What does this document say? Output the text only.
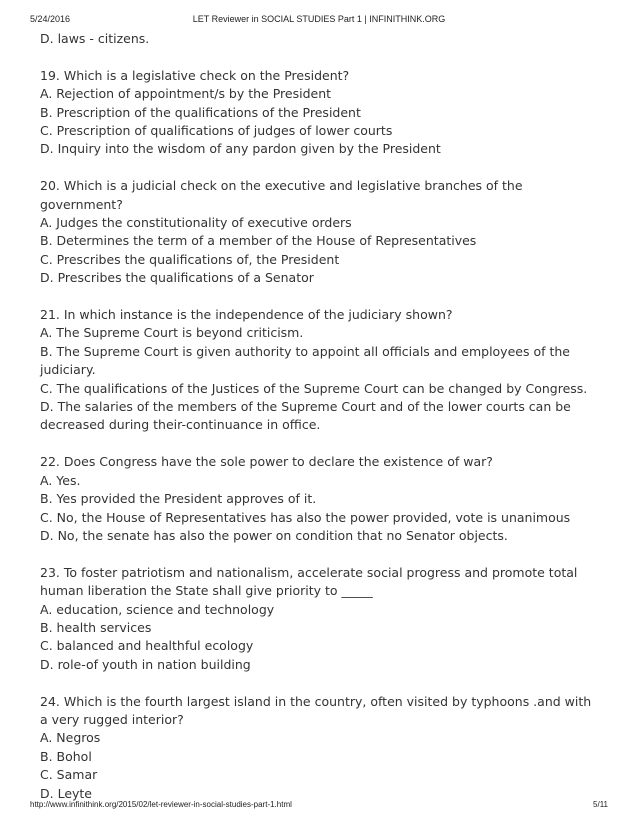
5/24/2016	LET Reviewer in SOCIAL STUDIES Part 1 | INFINITHINK.ORG
D. laws - citizens.
19. Which is a legislative check on the President?
A. Rejection of appointment/s by the President
B. Prescription of the qualifications of the President
C. Prescription of qualifications of judges of lower courts
D. Inquiry into the wisdom of any pardon given by the President
20. Which is a judicial check on the executive and legislative branches of the government?
A. Judges the constitutionality of executive orders
B. Determines the term of a member of the House of Representatives
C. Prescribes the qualifications of, the President
D. Prescribes the qualifications of a Senator
21. In which instance is the independence of the judiciary shown?
A. The Supreme Court is beyond criticism.
B. The Supreme Court is given authority to appoint all officials and employees of the judiciary.
C. The qualifications of the Justices of the Supreme Court can be changed by Congress.
D. The salaries of the members of the Supreme Court and of the lower courts can be decreased during their-continuance in office.
22. Does Congress have the sole power to declare the existence of war?
A. Yes.
B. Yes provided the President approves of it.
C. No, the House of Representatives has also the power provided, vote is unanimous
D. No, the senate has also the power on condition that no Senator objects.
23. To foster patriotism and nationalism, accelerate social progress and promote total human liberation the State shall give priority to _____
A. education, science and technology
B. health services
C. balanced and healthful ecology
D. role-of youth in nation building
24. Which is the fourth largest island in the country, often visited by typhoons .and with a very rugged interior?
A. Negros
B. Bohol
C. Samar
D. Leyte
http://www.infinithink.org/2015/02/let-reviewer-in-social-studies-part-1.html	5/11
